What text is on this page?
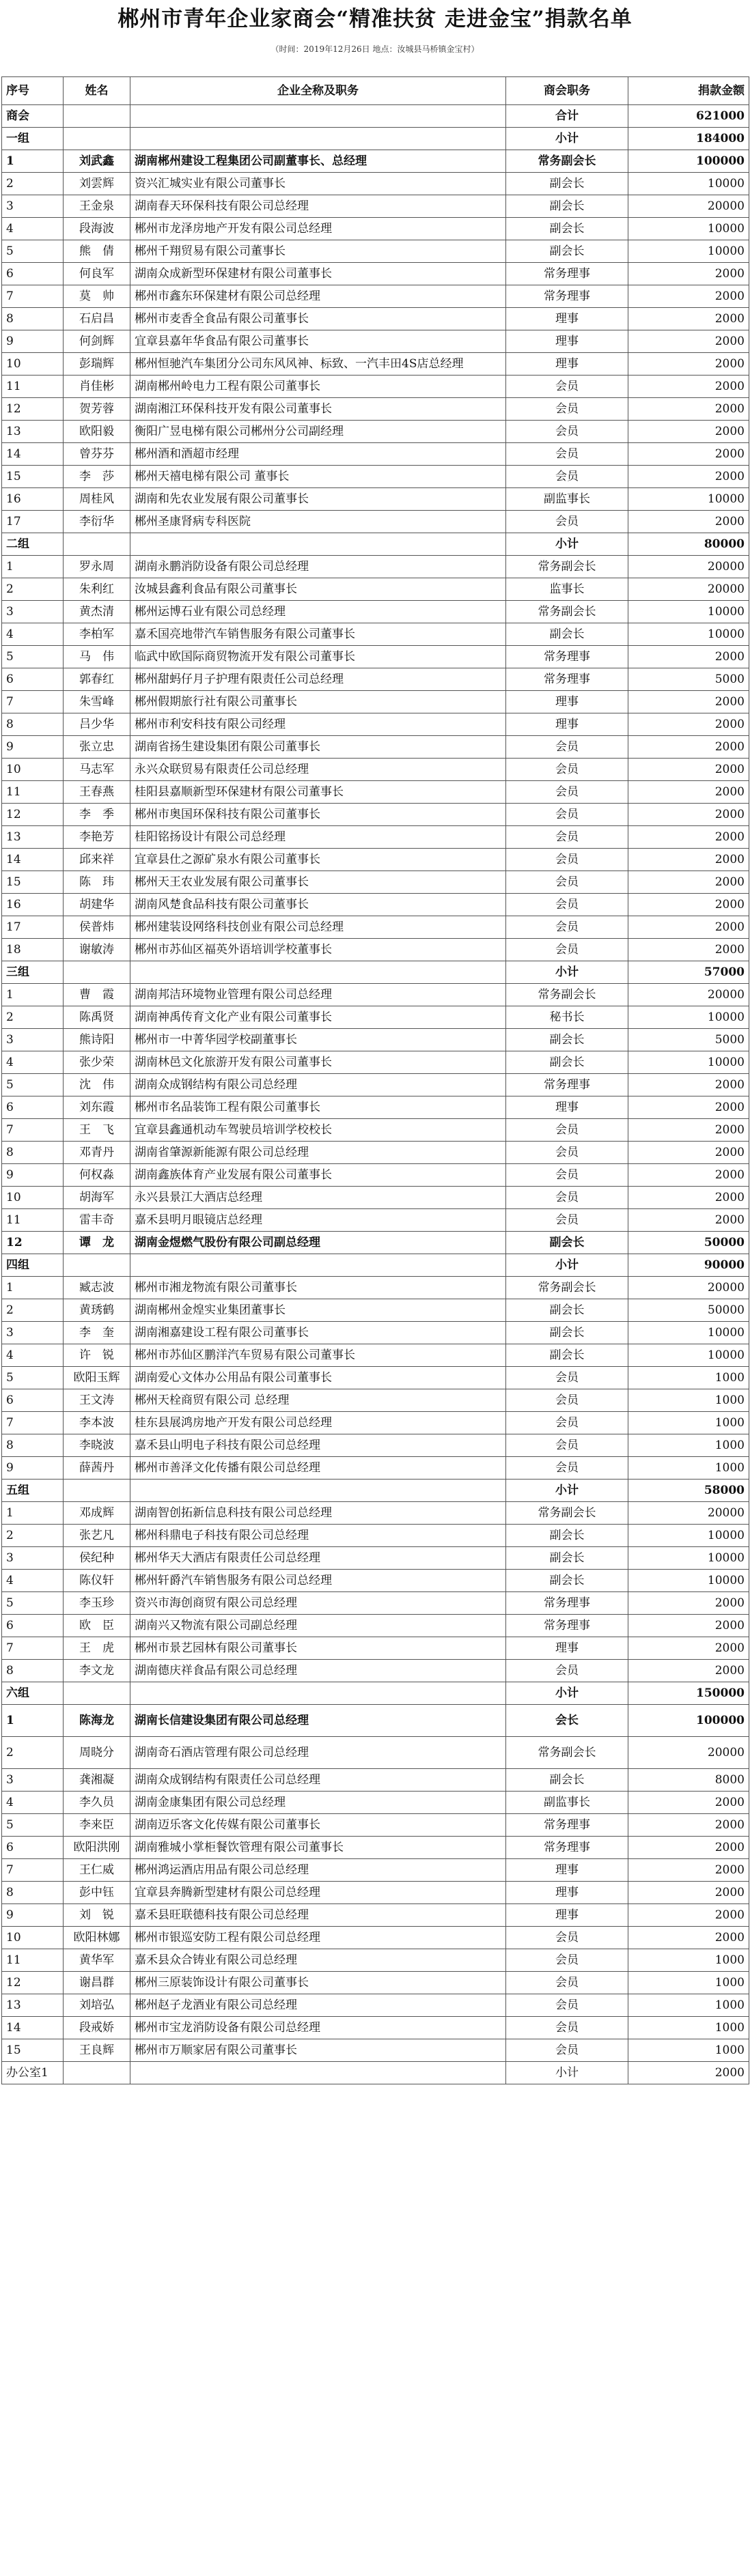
郴州市青年企业家商会“精准扶贫 走进金宝”捐款名单
（时间：2019年12月26日 地点：汝城县马桥镇金宝村）
序号	姓名	企业全称及职务	商会职务	捐款金额
商会			合计	621000
一组			小计	184000
1	刘武鑫	湖南郴州建设工程集团公司副董事长、总经理	常务副会长	100000
2	刘雲辉	资兴汇城实业有限公司董事长	副会长	10000
3	王金泉	湖南春天环保科技有限公司总经理	副会长	20000
4	段海波	郴州市龙泽房地产开发有限公司总经理	副会长	10000
5	熊　倩	郴州千翔贸易有限公司董事长	副会长	10000
6	何良军	湖南众成新型环保建材有限公司董事长	常务理事	2000
7	莫　帅	郴州市鑫东环保建材有限公司总经理	常务理事	2000
8	石启昌	郴州市麦香全食品有限公司董事长	理事	2000
9	何剑辉	宜章县嘉年华食品有限公司董事长	理事	2000
10	彭瑞辉	郴州恒驰汽车集团分公司东风风神、标致、一汽丰田4S店总经理	理事	2000
11	肖佳彬	湖南郴州岭电力工程有限公司董事长	会员	2000
12	贺芳蓉	湖南湘江环保科技开发有限公司董事长	会员	2000
13	欧阳毅	衡阳广昱电梯有限公司郴州分公司副经理	会员	2000
14	曾芬芬	郴州酒和酒超市经理	会员	2000
15	李　莎	郴州天禧电梯有限公司 董事长	会员	2000
16	周桂风	湖南和先农业发展有限公司董事长	副监事长	10000
17	李衍华	郴州圣康肾病专科医院	会员	2000
二组			小计	80000
1	罗永周	湖南永鹏消防设备有限公司总经理	常务副会长	20000
2	朱利红	汝城县鑫利食品有限公司董事长	监事长	20000
3	黄杰清	郴州运博石业有限公司总经理	常务副会长	10000
4	李柏军	嘉禾国亮地带汽车销售服务有限公司董事长	副会长	10000
5	马　伟	临武中欧国际商贸物流开发有限公司董事长	常务理事	2000
6	郭春红	郴州甜蚂仔月子护理有限责任公司总经理	常务理事	5000
7	朱雪峰	郴州假期旅行社有限公司董事长	理事	2000
8	吕少华	郴州市利安科技有限公司经理	理事	2000
9	张立忠	湖南省扬生建设集团有限公司董事长	会员	2000
10	马志军	永兴众联贸易有限责任公司总经理	会员	2000
11	王春燕	桂阳县嘉顺新型环保建材有限公司董事长	会员	2000
12	李　季	郴州市奥国环保科技有限公司董事长	会员	2000
13	李艳芳	桂阳铭扬设计有限公司总经理	会员	2000
14	邱来祥	宜章县仕之源矿泉水有限公司董事长	会员	2000
15	陈　玮	郴州天王农业发展有限公司董事长	会员	2000
16	胡建华	湖南风楚食品科技有限公司董事长	会员	2000
17	侯普炜	郴州建装设网络科技创业有限公司总经理	会员	2000
18	谢敏涛	郴州市苏仙区福英外语培训学校董事长	会员	2000
三组			小计	57000
1	曹　霞	湖南邦洁环境物业管理有限公司总经理	常务副会长	20000
2	陈禹贤	湖南神禹传育文化产业有限公司董事长	秘书长	10000
3	熊诗阳	郴州市一中菁华园学校副董事长	副会长	5000
4	张少荣	湖南林邑文化旅游开发有限公司董事长	副会长	10000
5	沈　伟	湖南众成钢结构有限公司总经理	常务理事	2000
6	刘东霞	郴州市名品装饰工程有限公司董事长	理事	2000
7	王　飞	宜章县鑫通机动车驾驶员培训学校校长	会员	2000
8	邓青丹	湖南省肇源新能源有限公司总经理	会员	2000
9	何权淼	湖南鑫族体育产业发展有限公司董事长	会员	2000
10	胡海军	永兴县景江大酒店总经理	会员	2000
11	雷丰奇	嘉禾县明月眼镜店总经理	会员	2000
12	谭　龙	湖南金煜燃气股份有限公司副总经理	副会长	50000
四组			小计	90000
1	臧志波	郴州市湘龙物流有限公司董事长	常务副会长	20000
2	黄琇鹤	湖南郴州金煌实业集团董事长	副会长	50000
3	李　奎	湖南湘嘉建设工程有限公司董事长	副会长	10000
4	许　锐	郴州市苏仙区鹏洋汽车贸易有限公司董事长	副会长	10000
5	欧阳玉辉	湖南爱心文体办公用品有限公司董事长	会员	1000
6	王文涛	郴州天栓商贸有限公司 总经理	会员	1000
7	李本波	桂东县展鸿房地产开发有限公司总经理	会员	1000
8	李晓波	嘉禾县山明电子科技有限公司总经理	会员	1000
9	薛茜丹	郴州市善泽文化传播有限公司总经理	会员	1000
五组			小计	58000
1	邓成辉	湖南智创拓新信息科技有限公司总经理	常务副会长	20000
2	张艺凡	郴州科鼎电子科技有限公司总经理	副会长	10000
3	侯纪种	郴州华天大酒店有限责任公司总经理	副会长	10000
4	陈仪轩	郴州轩爵汽车销售服务有限公司总经理	副会长	10000
5	李玉珍	资兴市海创商贸有限公司总经理	常务理事	2000
6	欧　臣	湖南兴又物流有限公司副总经理	常务理事	2000
7	王　虎	郴州市景艺园林有限公司董事长	理事	2000
8	李文龙	湖南德庆祥食品有限公司总经理	会员	2000
六组			小计	150000
1	陈海龙	湖南长信建设集团有限公司总经理	会长	100000
2	周晓分	湖南奇石酒店管理有限公司总经理	常务副会长	20000
3	龚湘凝	湖南众成钢结构有限责任公司总经理	副会长	8000
4	李久员	湖南金康集团有限公司总经理	副监事长	2000
5	李来臣	湖南迈乐客文化传媒有限公司董事长	常务理事	2000
6	欧阳洪刚	湖南雅城小掌柜餐饮管理有限公司董事长	常务理事	2000
7	王仁威	郴州鸿运酒店用品有限公司总经理	理事	2000
8	彭中钰	宜章县奔腾新型建材有限公司总经理	理事	2000
9	刘　锐	嘉禾县旺联德科技有限公司总经理	理事	2000
10	欧阳林娜	郴州市银巡安防工程有限公司总经理	会员	2000
11	黄华军	嘉禾县众合铸业有限公司总经理	会员	1000
12	谢昌群	郴州三原装饰设计有限公司董事长	会员	1000
13	刘培弘	郴州赵子龙酒业有限公司总经理	会员	1000
14	段戒娇	郴州市宝龙消防设备有限公司总经理	会员	1000
15	王良辉	郴州市万顺家居有限公司董事长	会员	1000
办公室1			小计	2000
